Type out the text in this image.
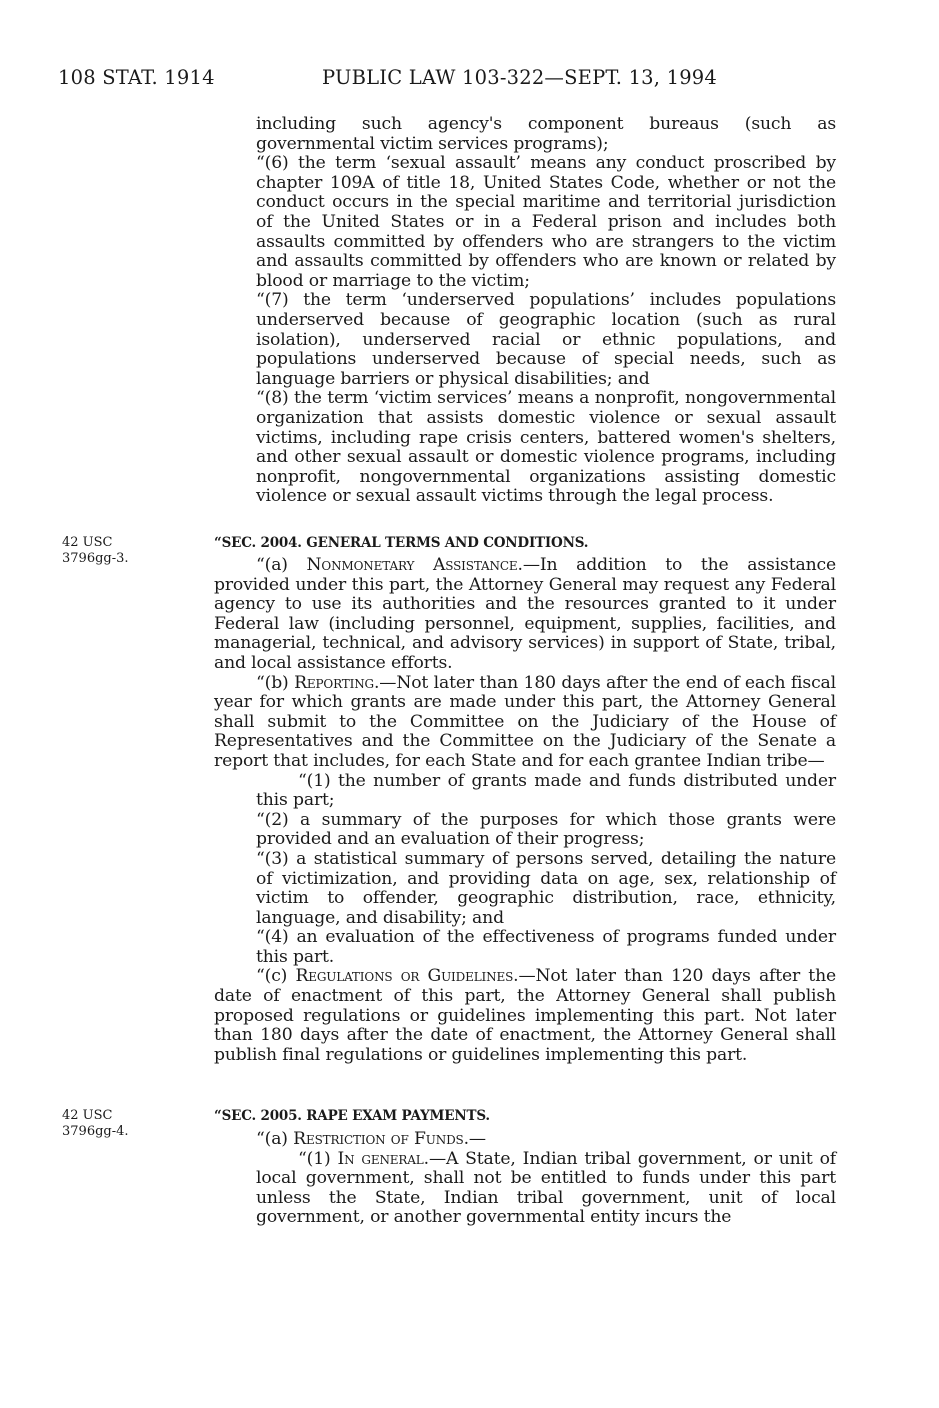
108 STAT. 1914	PUBLIC LAW 103-322—SEPT. 13, 1994

including such agency's component bureaus (such as governmental victim services programs);

“(6) the term ‘sexual assault’ means any conduct proscribed by chapter 109A of title 18, United States Code, whether or not the conduct occurs in the special maritime and territorial jurisdiction of the United States or in a Federal prison and includes both assaults committed by offenders who are strangers to the victim and assaults committed by offenders who are known or related by blood or marriage to the victim;

“(7) the term ‘underserved populations’ includes populations underserved because of geographic location (such as rural isolation), underserved racial or ethnic populations, and populations underserved because of special needs, such as language barriers or physical disabilities; and

“(8) the term ‘victim services’ means a nonprofit, nongovernmental organization that assists domestic violence or sexual assault victims, including rape crisis centers, battered women's shelters, and other sexual assault or domestic violence programs, including nonprofit, nongovernmental organizations assisting domestic violence or sexual assault victims through the legal process.

42 USC
3796gg-3.
“SEC. 2004. GENERAL TERMS AND CONDITIONS.

“(a) Nonmonetary Assistance.—In addition to the assistance provided under this part, the Attorney General may request any Federal agency to use its authorities and the resources granted to it under Federal law (including personnel, equipment, supplies, facilities, and managerial, technical, and advisory services) in support of State, tribal, and local assistance efforts.

“(b) Reporting.—Not later than 180 days after the end of each fiscal year for which grants are made under this part, the Attorney General shall submit to the Committee on the Judiciary of the House of Representatives and the Committee on the Judiciary of the Senate a report that includes, for each State and for each grantee Indian tribe—

“(1) the number of grants made and funds distributed under this part;

“(2) a summary of the purposes for which those grants were provided and an evaluation of their progress;

“(3) a statistical summary of persons served, detailing the nature of victimization, and providing data on age, sex, relationship of victim to offender, geographic distribution, race, ethnicity, language, and disability; and

“(4) an evaluation of the effectiveness of programs funded under this part.

“(c) Regulations or Guidelines.—Not later than 120 days after the date of enactment of this part, the Attorney General shall publish proposed regulations or guidelines implementing this part. Not later than 180 days after the date of enactment, the Attorney General shall publish final regulations or guidelines implementing this part.

42 USC
3796gg-4.
“SEC. 2005. RAPE EXAM PAYMENTS.

“(a) Restriction of Funds.—

“(1) In general.—A State, Indian tribal government, or unit of local government, shall not be entitled to funds under this part unless the State, Indian tribal government, unit of local government, or another governmental entity incurs the
